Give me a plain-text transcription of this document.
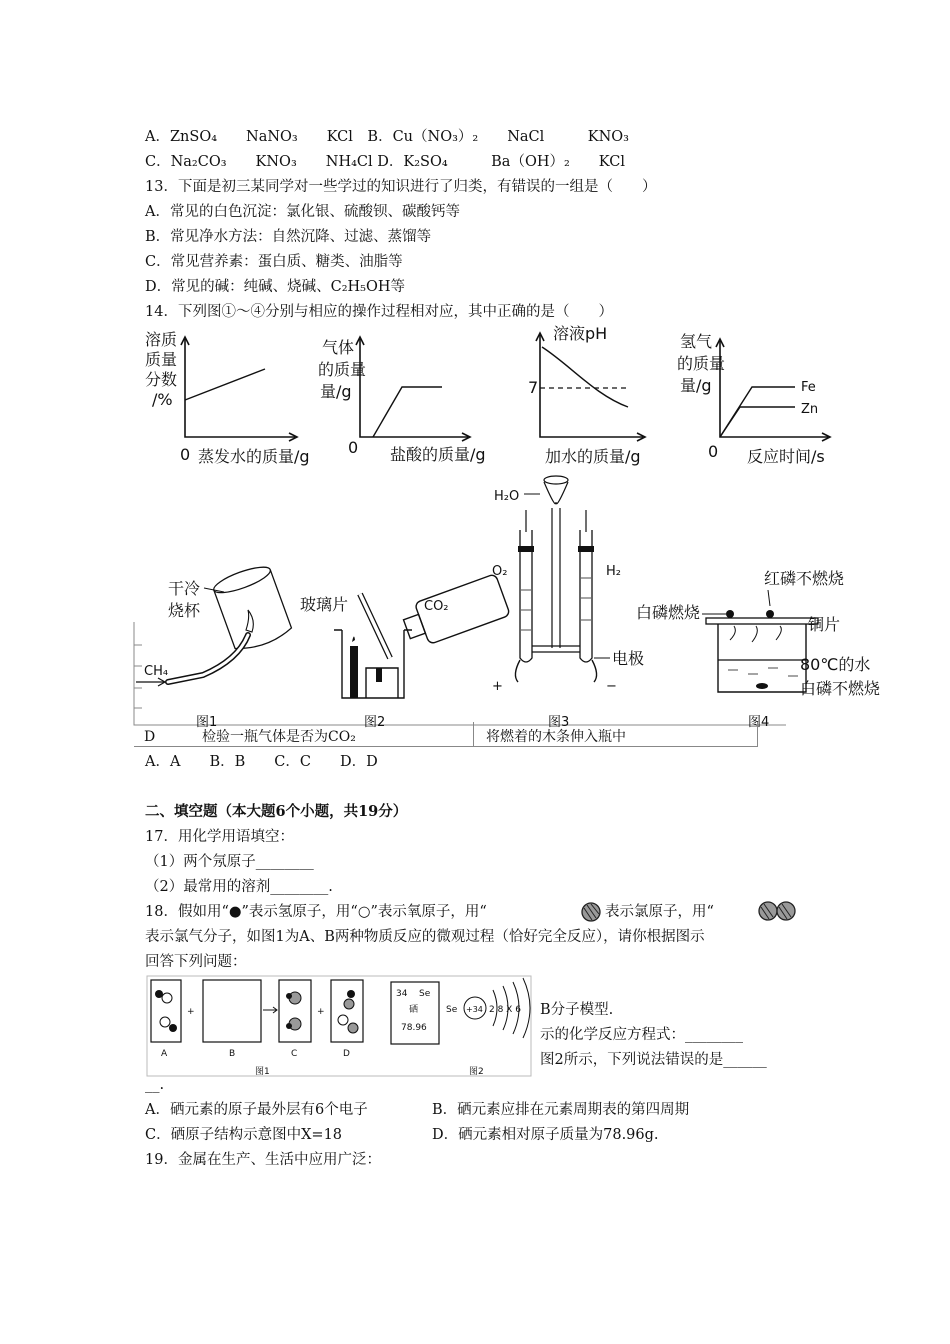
A．ZnSO₄　　NaNO₃　　KCl　B．Cu（NO₃）₂　　NaCl　　　KNO₃
C．Na₂CO₃　　KNO₃　　NH₄Cl D．K₂SO₄　　　Ba（OH）₂　　KCl
13．下面是初三某同学对一些学过的知识进行了归类，有错误的一组是（　　）
A．常见的白色沉淀：氯化银、硫酸钡、碳酸钙等
B．常见净水方法：自然沉降、过滤、蒸馏等
C．常见营养素：蛋白质、糖类、油脂等
D．常见的碱：纯碱、烧碱、C₂H₅OH等
14．下列图①～④分别与相应的操作过程相对应，其中正确的是（　　）
溶质
质量
分数
/%
0 蒸发水的质量/g
气体
的质量
量/g
0 盐酸的质量/g
溶液pH
7
加水的质量/g
氢气
的质量
量/g	Fe
Zn
0 反应时间/s
干冷
烧杯
CH₄
图1
玻璃片	CO₂
图2
H₂O
O₂	H₂
+	−
电极
图3
红磷不燃烧
白磷燃烧
铜片
80℃的水
白磷不燃烧
图4
D	检验一瓶气体是否为CO₂	将燃着的木条伸入瓶中
A．A　　B．B　　C．C　　D．D
二、填空题（本大题6个小题，共19分）
17．用化学用语填空：
（1）两个氖原子________
（2）最常用的溶剂________.
18．假如用“●”表示氢原子，用“○”表示氧原子，用“	表示氯原子，用“
表示氯气分子，如图1为A、B两种物质反应的微观过程（恰好完全反应），请你根据图示
回答下列问题：
A
+
B	C
+
D
图1
34 Se
硒
78.96
Se +34 2 8 X 6
图2
B分子模型.
示的化学反应方程式：________
图2所示，下列说法错误的是______
__.
A．硒元素的原子最外层有6个电子	B．硒元素应排在元素周期表的第四周期
C．硒原子结构示意图中X=18	D．硒元素相对原子质量为78.96g.
19．金属在生产、生活中应用广泛：
